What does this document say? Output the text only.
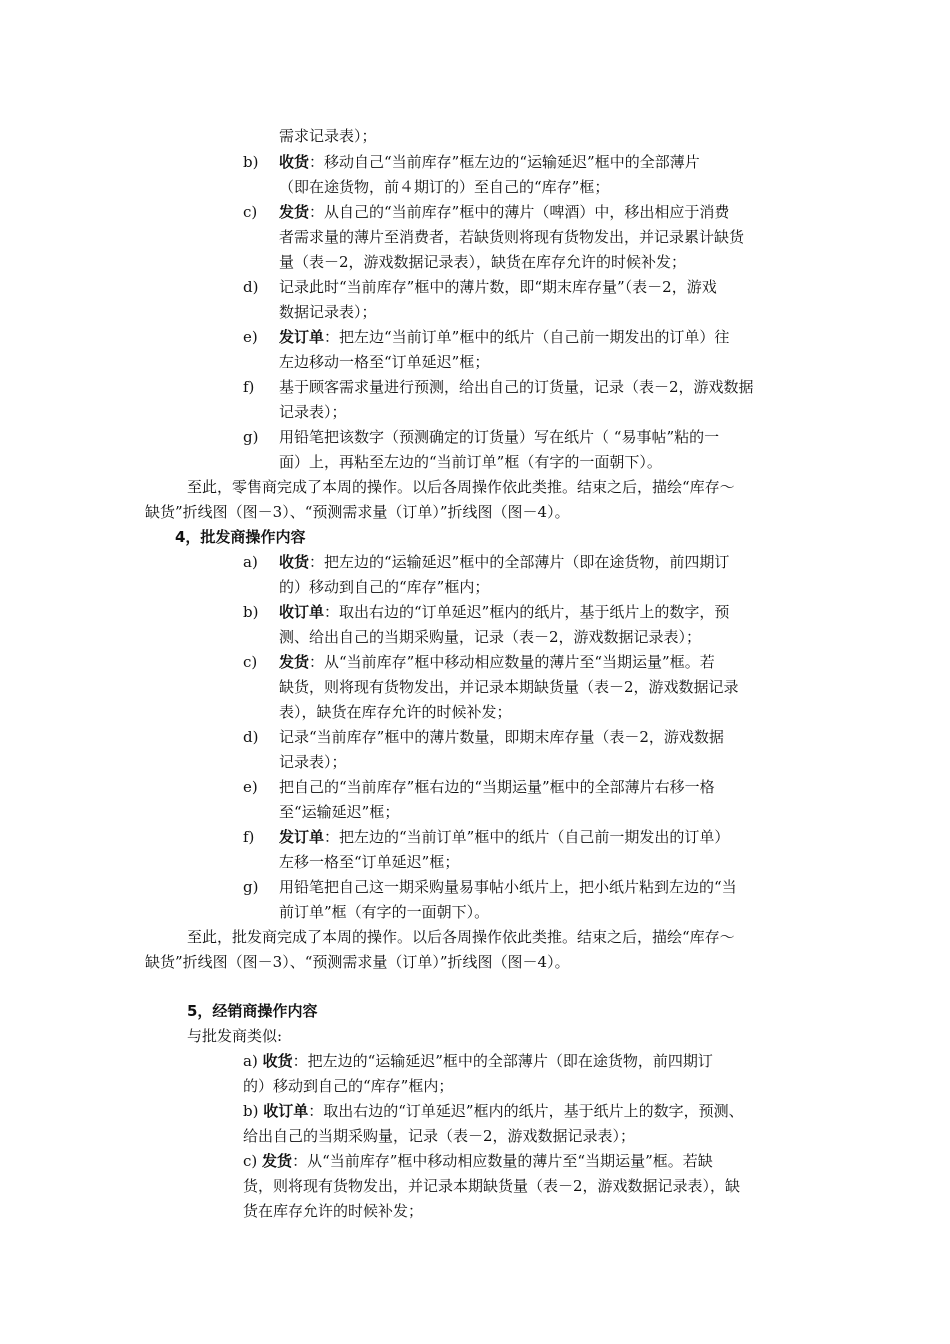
需求记录表）；
b) 收货：移动自己“当前库存”框左边的“运输延迟”框中的全部薄片
（即在途货物，前４期订的）至自己的“库存”框；
c) 发货：从自己的“当前库存”框中的薄片（啤酒）中，移出相应于消费
者需求量的薄片至消费者，若缺货则将现有货物发出，并记录累计缺货
量（表－2，游戏数据记录表），缺货在库存允许的时候补发；
d) 记录此时“当前库存”框中的薄片数，即“期末库存量”（表－2，游戏
数据记录表）；
e) 发订单：把左边“当前订单”框中的纸片（自己前一期发出的订单）往
左边移动一格至“订单延迟”框；
f) 基于顾客需求量进行预测，给出自己的订货量，记录（表－2，游戏数据
记录表）；
g) 用铅笔把该数字（预测确定的订货量）写在纸片（ “易事帖”粘的一
面）上，再粘至左边的“当前订单”框（有字的一面朝下）。
至此，零售商完成了本周的操作。以后各周操作依此类推。结束之后，描绘“库存～
缺货”折线图（图－3）、“预测需求量（订单）”折线图（图－4）。
4，批发商操作内容
a) 收货：把左边的“运输延迟”框中的全部薄片（即在途货物，前四期订
的）移动到自己的“库存”框内；
b) 收订单：取出右边的“订单延迟”框内的纸片，基于纸片上的数字，预
测、给出自己的当期采购量，记录（表－2，游戏数据记录表）；
c) 发货：从“当前库存”框中移动相应数量的薄片至“当期运量”框。若
缺货，则将现有货物发出，并记录本期缺货量（表－2，游戏数据记录
表），缺货在库存允许的时候补发；
d) 记录“当前库存”框中的薄片数量，即期末库存量（表－2，游戏数据
记录表）；
e) 把自己的“当前库存”框右边的“当期运量”框中的全部薄片右移一格
至“运输延迟”框；
f) 发订单：把左边的“当前订单”框中的纸片（自己前一期发出的订单）
左移一格至“订单延迟”框；
g) 用铅笔把自己这一期采购量易事帖小纸片上，把小纸片粘到左边的“当
前订单”框（有字的一面朝下）。
至此，批发商完成了本周的操作。以后各周操作依此类推。结束之后，描绘“库存～
缺货”折线图（图－3）、“预测需求量（订单）”折线图（图－4）。
5，经销商操作内容
与批发商类似:
a) 收货：把左边的“运输延迟”框中的全部薄片（即在途货物，前四期订
的）移动到自己的“库存”框内；
b) 收订单：取出右边的“订单延迟”框内的纸片，基于纸片上的数字，预测、
给出自己的当期采购量，记录（表－2，游戏数据记录表）；
c) 发货：从“当前库存”框中移动相应数量的薄片至“当期运量”框。若缺
货，则将现有货物发出，并记录本期缺货量（表－2，游戏数据记录表），缺
货在库存允许的时候补发；
